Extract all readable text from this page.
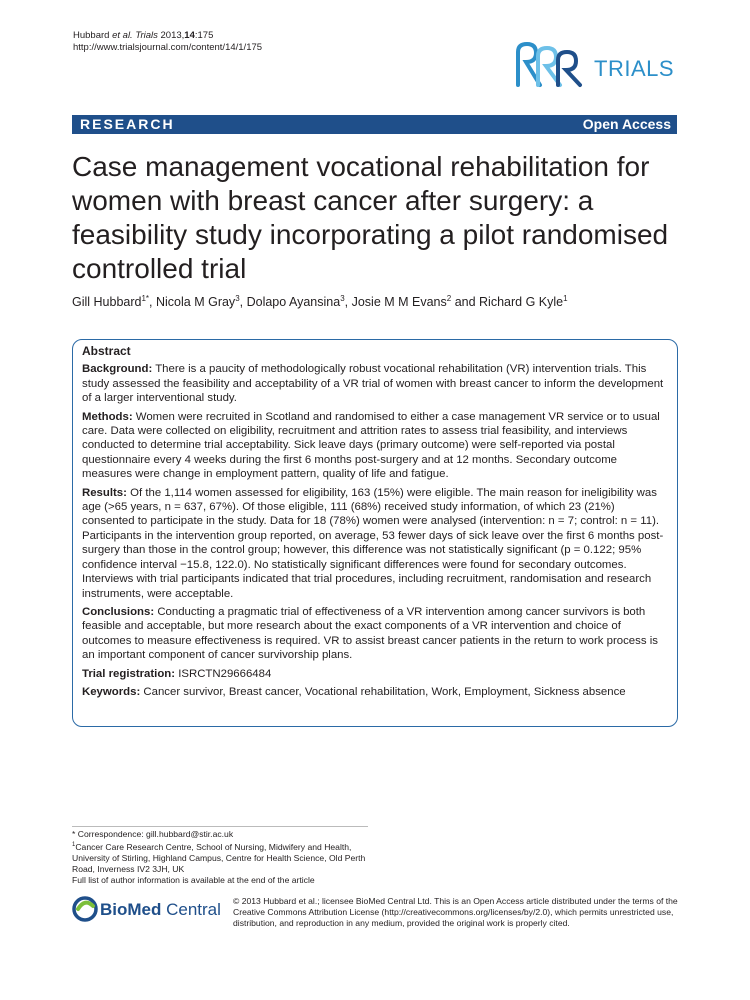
Hubbard et al. Trials 2013,14:175
http://www.trialsjournal.com/content/14/1/175
TRIALS
RESEARCH	Open Access
Case management vocational rehabilitation for women with breast cancer after surgery: a feasibility study incorporating a pilot randomised controlled trial
Gill Hubbard$^{1*}$, Nicola M Gray$^3$, Dolapo Ayansina$^3$, Josie M M Evans$^2$ and Richard G Kyle$^1$
Abstract

Background: There is a paucity of methodologically robust vocational rehabilitation (VR) intervention trials. This study assessed the feasibility and acceptability of a VR trial of women with breast cancer to inform the development of a larger interventional study.

Methods: Women were recruited in Scotland and randomised to either a case management VR service or to usual care. Data were collected on eligibility, recruitment and attrition rates to assess trial feasibility, and interviews conducted to determine trial acceptability. Sick leave days (primary outcome) were self-reported via postal questionnaire every 4 weeks during the first 6 months post-surgery and at 12 months. Secondary outcome measures were change in employment pattern, quality of life and fatigue.

Results: Of the 1,114 women assessed for eligibility, 163 (15%) were eligible. The main reason for ineligibility was age (>65 years, n = 637, 67%). Of those eligible, 111 (68%) received study information, of which 23 (21%) consented to participate in the study. Data for 18 (78%) women were analysed (intervention: n = 7; control: n = 11). Participants in the intervention group reported, on average, 53 fewer days of sick leave over the first 6 months post-surgery than those in the control group; however, this difference was not statistically significant (p = 0.122; 95% confidence interval −15.8, 122.0). No statistically significant differences were found for secondary outcomes. Interviews with trial participants indicated that trial procedures, including recruitment, randomisation and research instruments, were acceptable.

Conclusions: Conducting a pragmatic trial of effectiveness of a VR intervention among cancer survivors is both feasible and acceptable, but more research about the exact components of a VR intervention and choice of outcomes to measure effectiveness is required. VR to assist breast cancer patients in the return to work process is an important component of cancer survivorship plans.

Trial registration: ISRCTN29666484

Keywords: Cancer survivor, Breast cancer, Vocational rehabilitation, Work, Employment, Sickness absence

* Correspondence: gill.hubbard@stir.ac.uk

$^1$Cancer Care Research Centre, School of Nursing, Midwifery and Health, University of Stirling, Highland Campus, Centre for Health Science, Old Perth Road, Inverness IV2 3JH, UK

Full list of author information is available at the end of the article

BioMed Central © 2013 Hubbard et al.; licensee BioMed Central Ltd. This is an Open Access article distributed under the terms of the Creative Commons Attribution License (http://creativecommons.org/licenses/by/2.0), which permits unrestricted use, distribution, and reproduction in any medium, provided the original work is properly cited.
